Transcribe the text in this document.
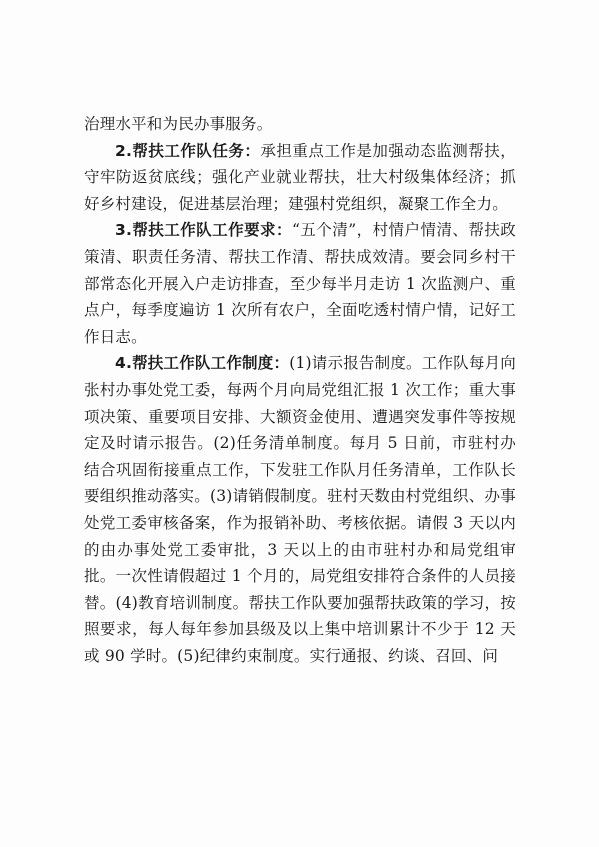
治理水平和为民办事服务。

2.帮扶工作队任务：承担重点工作是加强动态监测帮扶，守牢防返贫底线；强化产业就业帮扶，壮大村级集体经济；抓好乡村建设，促进基层治理；建强村党组织，凝聚工作全力。

3.帮扶工作队工作要求：“五个清”，村情户情清、帮扶政策清、职责任务清、帮扶工作清、帮扶成效清。要会同乡村干部常态化开展入户走访排查，至少每半月走访 1 次监测户、重点户，每季度遍访 1 次所有农户，全面吃透村情户情，记好工作日志。

4.帮扶工作队工作制度：(1)请示报告制度。工作队每月向张村办事处党工委，每两个月向局党组汇报 1 次工作；重大事项决策、重要项目安排、大额资金使用、遭遇突发事件等按规定及时请示报告。(2)任务清单制度。每月 5 日前，市驻村办结合巩固衔接重点工作，下发驻工作队月任务清单，工作队长要组织推动落实。(3)请销假制度。驻村天数由村党组织、办事处党工委审核备案，作为报销补助、考核依据。请假 3 天以内的由办事处党工委审批，3 天以上的由市驻村办和局党组审批。一次性请假超过 1 个月的，局党组安排符合条件的人员接替。(4)教育培训制度。帮扶工作队要加强帮扶政策的学习，按照要求，每人每年参加县级及以上集中培训累计不少于 12 天或 90 学时。(5)纪律约束制度。实行通报、约谈、召回、问
